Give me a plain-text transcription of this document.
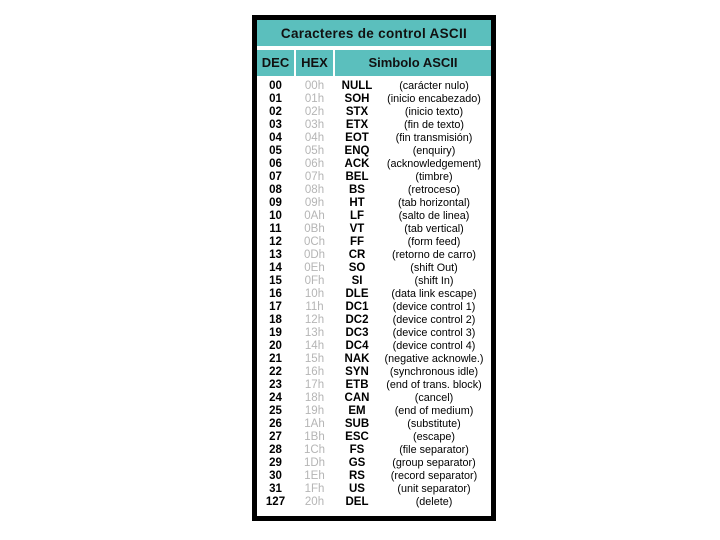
Caracteres de control ASCII
DEC HEX	Simbolo ASCII
00	00h	NULL	(carácter nulo)
01	01h	SOH	(inicio encabezado)
02	02h	STX	(inicio texto)
03	03h	ETX	(fin de texto)
04	04h	EOT	(fin transmisión)
05	05h	ENQ	(enquiry)
06	06h	ACK	(acknowledgement)
07	07h	BEL	(timbre)
08	08h	BS	(retroceso)
09	09h	HT	(tab horizontal)
10	0Ah	LF	(salto de linea)
11	0Bh	VT	(tab vertical)
12	0Ch	FF	(form feed)
13	0Dh	CR	(retorno de carro)
14	0Eh	SO	(shift Out)
15	0Fh	SI	(shift In)
16	10h	DLE	(data link escape)
17	11h	DC1	(device control 1)
18	12h	DC2	(device control 2)
19	13h	DC3	(device control 3)
20	14h	DC4	(device control 4)
21	15h	NAK	(negative acknowle.)
22	16h	SYN	(synchronous idle)
23	17h	ETB	(end of trans. block)
24	18h	CAN	(cancel)
25	19h	EM	(end of medium)
26	1Ah	SUB	(substitute)
27	1Bh	ESC	(escape)
28	1Ch	FS	(file separator)
29	1Dh	GS	(group separator)
30	1Eh	RS	(record separator)
31	1Fh	US	(unit separator)
127	20h	DEL	(delete)
